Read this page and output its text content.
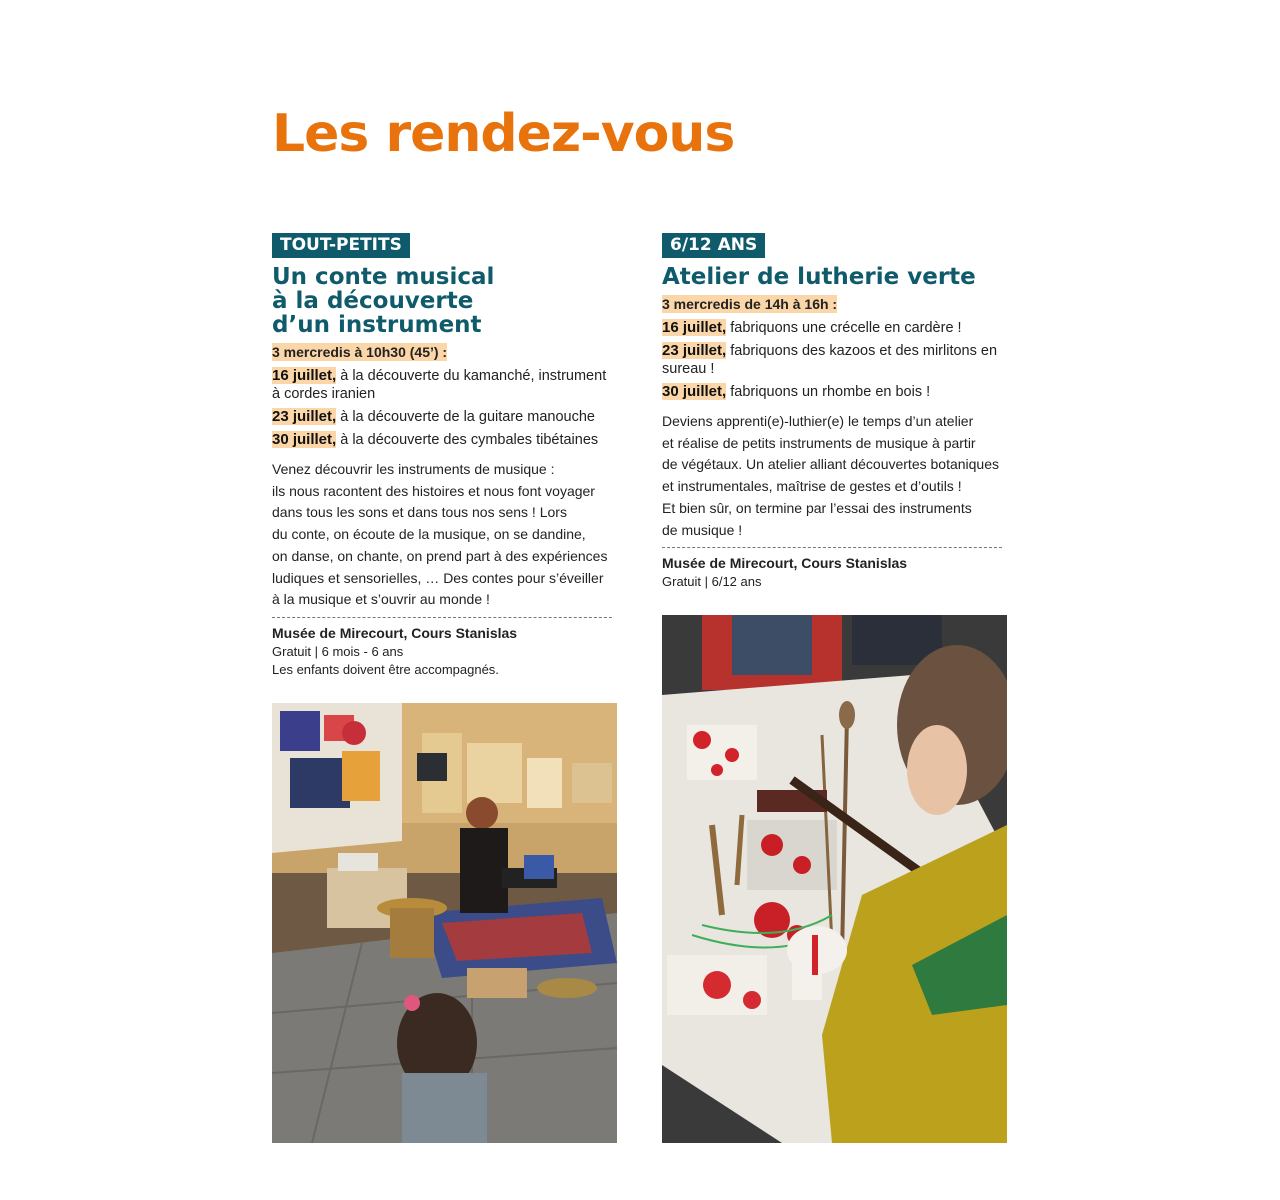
Les rendez-vous
TOUT-PETITS
Un conte musical
à la découverte
d’un instrument
3 mercredis à 10h30 (45’) :
16 juillet, à la découverte du kamanché, instrument à cordes iranien
23 juillet, à la découverte de la guitare manouche
30 juillet, à la découverte des cymbales tibétaines
Venez découvrir les instruments de musique :
ils nous racontent des histoires et nous font voyager
dans tous les sons et dans tous nos sens ! Lors
du conte, on écoute de la musique, on se dandine,
on danse, on chante, on prend part à des expériences
ludiques et sensorielles, … Des contes pour s’éveiller
à la musique et s’ouvrir au monde !
Musée de Mirecourt, Cours Stanislas
Gratuit | 6 mois - 6 ans
Les enfants doivent être accompagnés.
6/12 ANS
Atelier de lutherie verte
3 mercredis de 14h à 16h :
16 juillet, fabriquons une crécelle en cardère !
23 juillet, fabriquons des kazoos et des mirlitons en sureau !
30 juillet, fabriquons un rhombe en bois !
Deviens apprenti(e)-luthier(e) le temps d’un atelier
et réalise de petits instruments de musique à partir
de végétaux. Un atelier alliant découvertes botaniques
et instrumentales, maîtrise de gestes et d’outils !
Et bien sûr, on termine par l’essai des instruments
de musique !
Musée de Mirecourt, Cours Stanislas
Gratuit | 6/12 ans
